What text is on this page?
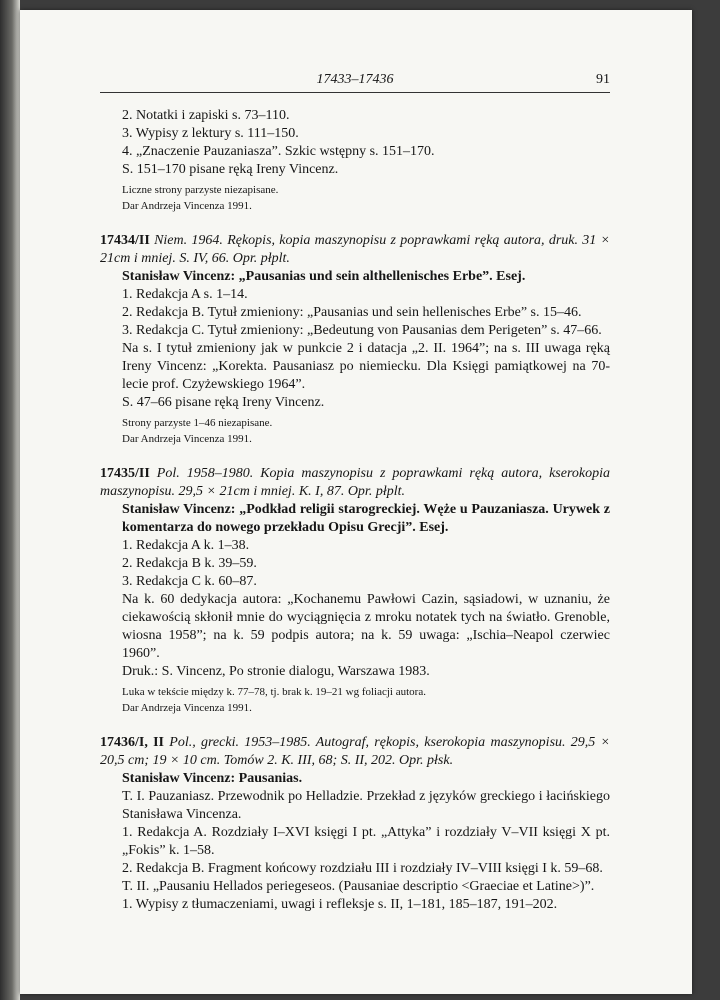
17433–17436	91

2. Notatki i zapiski s. 73–110.

3. Wypisy z lektury s. 111–150.

4. „Znaczenie Pauzaniasza”. Szkic wstępny s. 151–170.

S. 151–170 pisane ręką Ireny Vincenz.

Liczne strony parzyste niezapisane.

Dar Andrzeja Vincenza 1991.

17434/II Niem. 1964. Rękopis, kopia maszynopisu z poprawkami ręką autora, druk. 31 × 21cm i mniej. S. IV, 66. Opr. płplt.

Stanisław Vincenz: „Pausanias und sein althellenisches Erbe”. Esej.

1. Redakcja A s. 1–14.

2. Redakcja B. Tytuł zmieniony: „Pausanias und sein hellenisches Erbe” s. 15–46.

3. Redakcja C. Tytuł zmieniony: „Bedeutung von Pausanias dem Perigeten” s. 47–66.

Na s. I tytuł zmieniony jak w punkcie 2 i datacja „2. II. 1964”; na s. III uwaga ręką Ireny Vincenz: „Korekta. Pausaniasz po niemiecku. Dla Księgi pamiątkowej na 70-lecie prof. Czyżewskiego 1964”.

S. 47–66 pisane ręką Ireny Vincenz.

Strony parzyste 1–46 niezapisane.

Dar Andrzeja Vincenza 1991.

17435/II Pol. 1958–1980. Kopia maszynopisu z poprawkami ręką autora, kserokopia maszynopisu. 29,5 × 21cm i mniej. K. I, 87. Opr. płplt.

Stanisław Vincenz: „Podkład religii starogreckiej. Węże u Pauzaniasza. Urywek z komentarza do nowego przekładu Opisu Grecji”. Esej.

1. Redakcja A k. 1–38.

2. Redakcja B k. 39–59.

3. Redakcja C k. 60–87.

Na k. 60 dedykacja autora: „Kochanemu Pawłowi Cazin, sąsiadowi, w uznaniu, że ciekawością skłonił mnie do wyciągnięcia z mroku notatek tych na światło. Grenoble, wiosna 1958”; na k. 59 podpis autora; na k. 59 uwaga: „Ischia–Neapol czerwiec 1960”.

Druk.: S. Vincenz, Po stronie dialogu, Warszawa 1983.

Luka w tekście między k. 77–78, tj. brak k. 19–21 wg foliacji autora.

Dar Andrzeja Vincenza 1991.

17436/I, II Pol., grecki. 1953–1985. Autograf, rękopis, kserokopia maszynopisu. 29,5 × 20,5 cm; 19 × 10 cm. Tomów 2. K. III, 68; S. II, 202. Opr. płsk.

Stanisław Vincenz: Pausanias.

T. I. Pauzaniasz. Przewodnik po Helladzie. Przekład z języków greckiego i łacińskiego Stanisława Vincenza.

1. Redakcja A. Rozdziały I–XVI księgi I pt. „Attyka” i rozdziały V–VII księgi X pt. „Fokis” k. 1–58.

2. Redakcja B. Fragment końcowy rozdziału III i rozdziały IV–VIII księgi I k. 59–68.

T. II. „Pausaniu Hellados periegeseos. (Pausaniae descriptio <Graeciae et Latine>)”.

1. Wypisy z tłumaczeniami, uwagi i refleksje s. II, 1–181, 185–187, 191–202.
